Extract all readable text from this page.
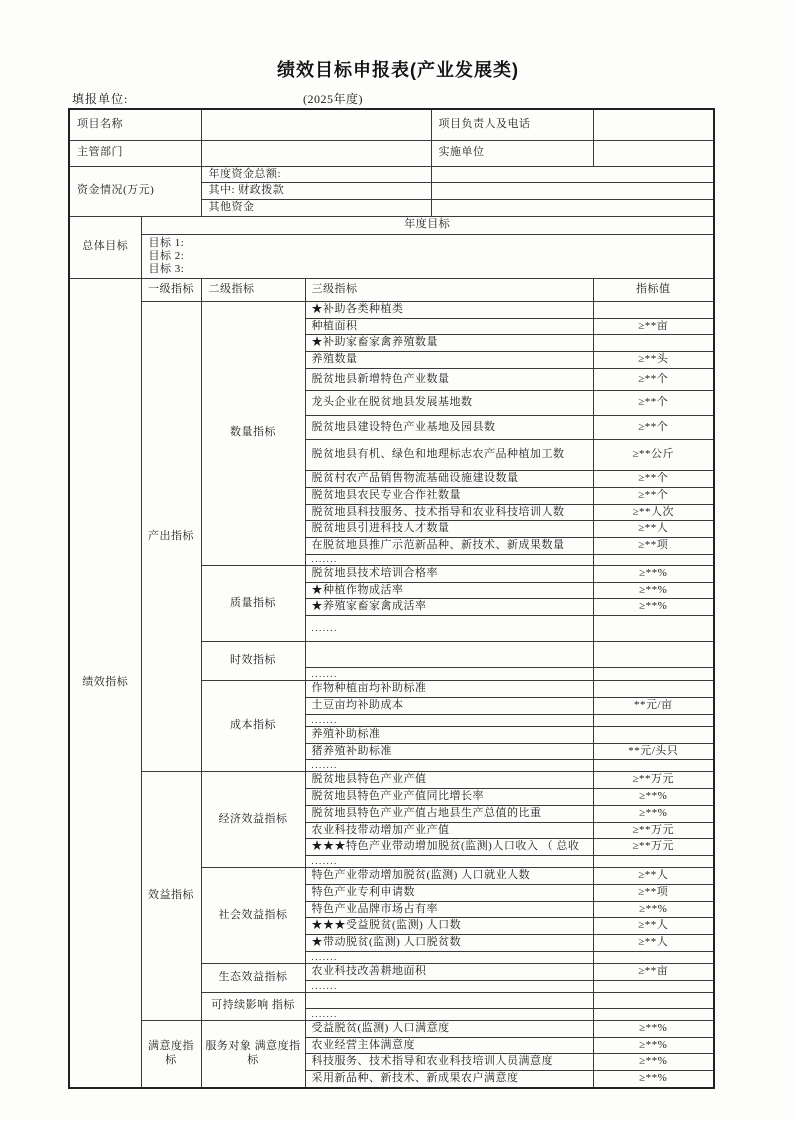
绩效目标申报表(产业发展类)
填报单位:	(2025年度)
项目名称				项目负责人及电话	
主管部门				实施单位	
资金情况(万元)		年度资金总额:			
		其中: 财政拨款			
		其他资金			
总体目标	年度目标				

	目标 1:
目标 2:
目标 3:				

绩效指标	一级指标	二级指标	三级指标		指标值
	产出指标	数量指标	★补助各类种植类		
			种植面积		≥**亩
			★补助家畜家禽养殖数量		
			养殖数量		≥**头
			脱贫地县新增特色产业数量		≥**个
			龙头企业在脱贫地县发展基地数		≥**个
			脱贫地县建设特色产业基地及园县数		≥**个
			脱贫地县有机、绿色和地理标志农产品种植加工数		≥**公斤
			脱贫村农产品销售物流基础设施建设数量		≥**个
			脱贫地县农民专业合作社数量		≥**个
			脱贫地县科技服务、技术指导和农业科技培训人数		≥**人次
			脱贫地县引进科技人才数量		≥**人
			在脱贫地县推广示范新品种、新技术、新成果数量		≥**项
			.......		
		质量指标	脱贫地县技术培训合格率		≥**%
			★种植作物成活率		≥**%
			★养殖家畜家禽成活率		≥**%
			.......		
		时效指标			
			.......		
		成本指标	作物种植亩均补助标准		
			土豆亩均补助成本		**元/亩
			.......		
			养殖补助标准		
			猪养殖补助标准		**元/头只
			.......		
	效益指标	经济效益指标	脱贫地县特色产业产值		≥**万元
			脱贫地县特色产业产值同比增长率		≥**%
			脱贫地县特色产业产值占地县生产总值的比重		≥**%
			农业科技带动增加产业产值		≥**万元
			★★★特色产业带动增加脱贫(监测)人口收入 （ 总收		≥**万元
			.......		
		社会效益指标	特色产业带动增加脱贫(监测) 人口就业人数		≥**人
			特色产业专利申请数		≥**项
			特色产业品牌市场占有率		≥**%
			★★★受益脱贫(监测) 人口数		≥**人
			★带动脱贫(监测) 人口脱贫数		≥**人
			.......		
		生态效益指标	农业科技改善耕地面积		≥**亩
			.......		
		可持续影响 指标			
			.......		
	满意度指标	服务对象 满意度指标	受益脱贫(监测) 人口满意度		≥**%
			农业经营主体满意度		≥**%
			科技服务、技术指导和农业科技培训人员满意度		≥**%
			采用新品种、新技术、新成果农户满意度		≥**%
